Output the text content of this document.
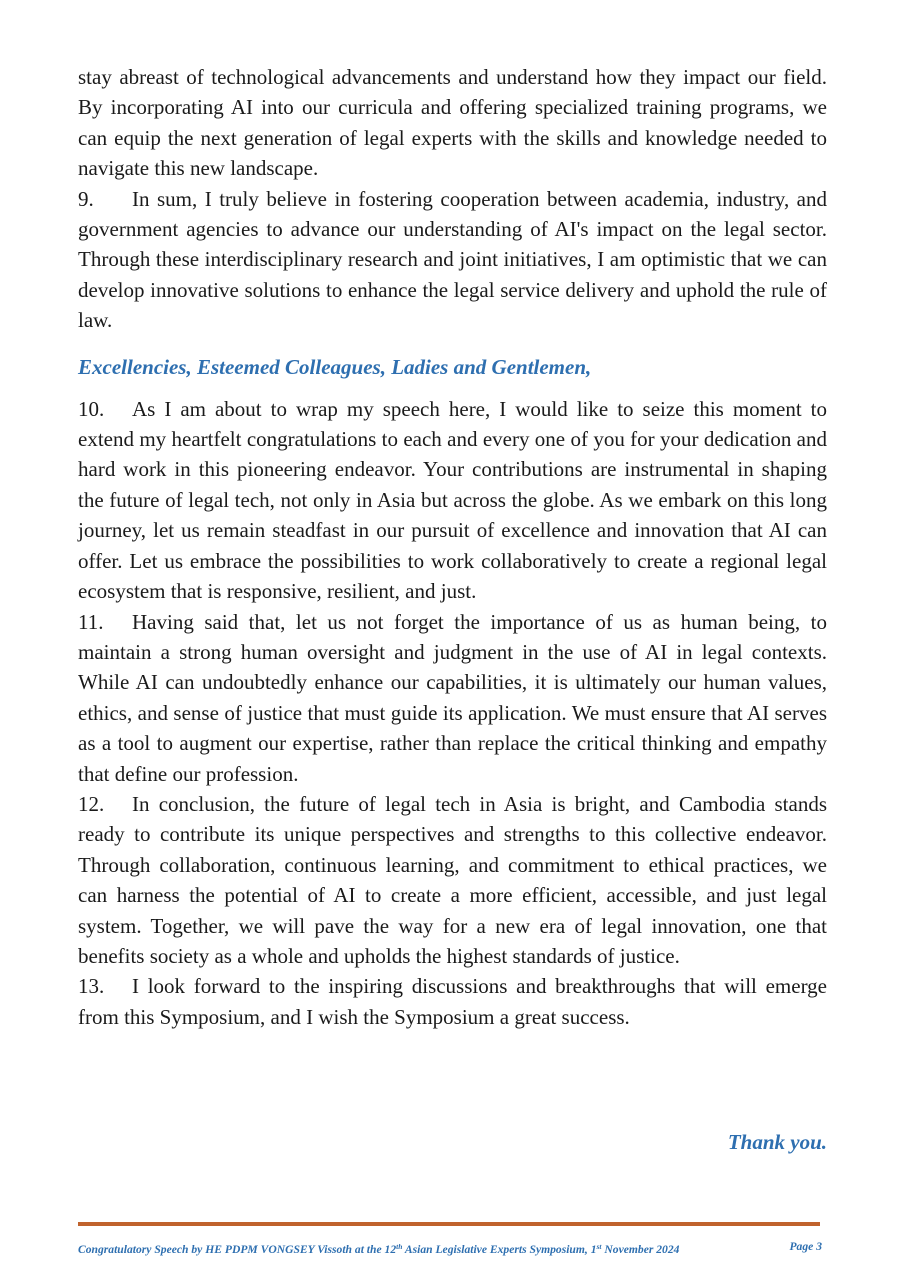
stay abreast of technological advancements and understand how they impact our field. By incorporating AI into our curricula and offering specialized training programs, we can equip the next generation of legal experts with the skills and knowledge needed to navigate this new landscape.

9. In sum, I truly believe in fostering cooperation between academia, industry, and government agencies to advance our understanding of AI's impact on the legal sector. Through these interdisciplinary research and joint initiatives, I am optimistic that we can develop innovative solutions to enhance the legal service delivery and uphold the rule of law.

Excellencies, Esteemed Colleagues, Ladies and Gentlemen,

10. As I am about to wrap my speech here, I would like to seize this moment to extend my heartfelt congratulations to each and every one of you for your dedication and hard work in this pioneering endeavor. Your contributions are instrumental in shaping the future of legal tech, not only in Asia but across the globe. As we embark on this long journey, let us remain steadfast in our pursuit of excellence and innovation that AI can offer. Let us embrace the possibilities to work collaboratively to create a regional legal ecosystem that is responsive, resilient, and just.

11. Having said that, let us not forget the importance of us as human being, to maintain a strong human oversight and judgment in the use of AI in legal contexts. While AI can undoubtedly enhance our capabilities, it is ultimately our human values, ethics, and sense of justice that must guide its application. We must ensure that AI serves as a tool to augment our expertise, rather than replace the critical thinking and empathy that define our profession.

12. In conclusion, the future of legal tech in Asia is bright, and Cambodia stands ready to contribute its unique perspectives and strengths to this collective endeavor. Through collaboration, continuous learning, and commitment to ethical practices, we can harness the potential of AI to create a more efficient, accessible, and just legal system. Together, we will pave the way for a new era of legal innovation, one that benefits society as a whole and upholds the highest standards of justice.

13. I look forward to the inspiring discussions and breakthroughs that will emerge from this Symposium, and I wish the Symposium a great success.

Thank you.
Congratulatory Speech by HE PDPM VONGSEY Vissoth at the 12th Asian Legislative Experts Symposium, 1st November 2024	Page 3
